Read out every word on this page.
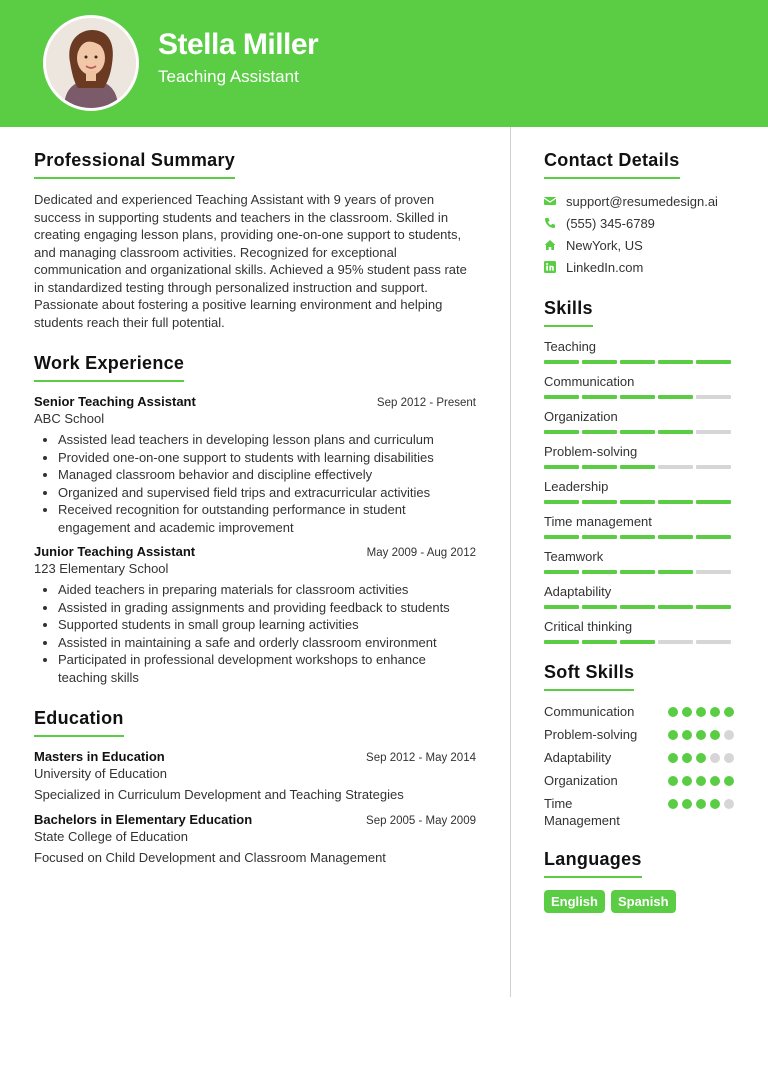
Stella Miller
Teaching Assistant
Professional Summary

Dedicated and experienced Teaching Assistant with 9 years of proven success in supporting students and teachers in the classroom. Skilled in creating engaging lesson plans, providing one-on-one support to students, and managing classroom activities. Recognized for exceptional communication and organizational skills. Achieved a 95% student pass rate in standardized testing through personalized instruction and support. Passionate about fostering a positive learning environment and helping students reach their full potential.

Work Experience
Senior Teaching Assistant	Sep 2012 - Present
ABC School
• Assisted lead teachers in developing lesson plans and curriculum
• Provided one-on-one support to students with learning disabilities
• Managed classroom behavior and discipline effectively
• Organized and supervised field trips and extracurricular activities
• Received recognition for outstanding performance in student engagement and academic improvement
Junior Teaching Assistant	May 2009 - Aug 2012
123 Elementary School
• Aided teachers in preparing materials for classroom activities
• Assisted in grading assignments and providing feedback to students
• Supported students in small group learning activities
• Assisted in maintaining a safe and orderly classroom environment
• Participated in professional development workshops to enhance teaching skills
Education
Masters in Education	Sep 2012 - May 2014
University of Education
Specialized in Curriculum Development and Teaching Strategies
Bachelors in Elementary Education	Sep 2005 - May 2009
State College of Education
Focused on Child Development and Classroom Management
Contact Details
support@resumedesign.ai
(555) 345-6789
NewYork, US
LinkedIn.com
Skills
Teaching
Communication
Organization
Problem-solving
Leadership
Time management
Teamwork
Adaptability
Critical thinking
Soft Skills
Communication
Problem-solving
Adaptability
Organization
Time Management
Languages
English	Spanish
